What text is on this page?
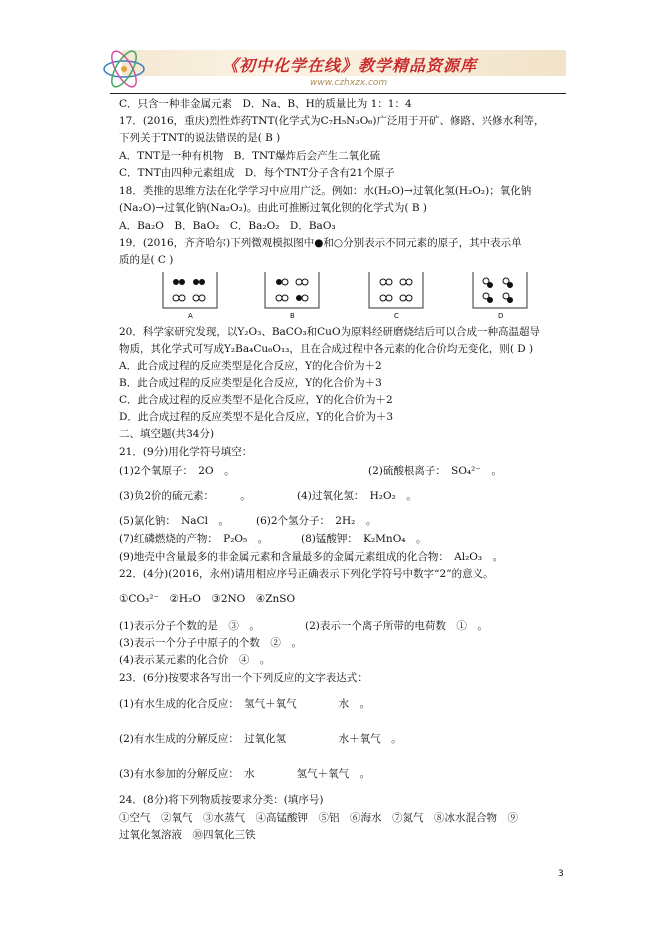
《初中化学在线》教学精品资源库
www.czhxzx.com
C．只含一种非金属元素　D．Na、B、H的质量比为 1：1：4
17．(2016，重庆)烈性炸药TNT(化学式为C₇H₅N₃O₆)广泛用于开矿、修路、兴修水利等，
下列关于TNT的说法错误的是( B )
A．TNT是一种有机物　B．TNT爆炸后会产生二氧化硫
C．TNT由四种元素组成　D．每个TNT分子含有21个原子
18．类推的思维方法在化学学习中应用广泛。例如：水(H₂O)→过氧化氢(H₂O₂)；氧化钠
(Na₂O)→过氧化钠(Na₂O₂)。由此可推断过氧化钡的化学式为( B )
A．Ba₂O　B．BaO₂　C．Ba₂O₂　D．BaO₃
19．(2016，齐齐哈尔)下列微观模拟图中●和○分别表示不同元素的原子，其中表示单
质的是( C )
A	B	C	D
20．科学家研究发现，以Y₂O₃、BaCO₃和CuO为原料经研磨烧结后可以合成一种高温超导
物质，其化学式可写成Y₂Ba₄Cu₆O₁₃，且在合成过程中各元素的化合价均无变化，则( D )
A．此合成过程的反应类型是化合反应，Y的化合价为＋2
B．此合成过程的反应类型是化合反应，Y的化合价为＋3
C．此合成过程的反应类型不是化合反应，Y的化合价为＋2
D．此合成过程的反应类型不是化合反应，Y的化合价为＋3
二、填空题(共34分)
21．(9分)用化学符号填空：
(1)2个氧原子：　2O　。	(2)硫酸根离子：　SO₄²⁻　。
(3)负2价的硫元素：　　　。	(4)过氧化氢：　H₂O₂　。
(5)氯化钠：　NaCl　。	(6)2个氢分子：　2H₂　。
(7)红磷燃烧的产物：　P₂O₅　。	(8)锰酸钾：　K₂MnO₄　。
(9)地壳中含量最多的非金属元素和含量最多的金属元素组成的化合物：　Al₂O₃　。
22．(4分)(2016，永州)请用相应序号正确表示下列化学符号中数字“2”的意义。
①CO₃²⁻　②H₂O　③2NO　④ZnSO
(1)表示分子个数的是　③　。	(2)表示一个离子所带的电荷数　①　。
(3)表示一个分子中原子的个数　②　。
(4)表示某元素的化合价　④　。
23．(6分)按要求各写出一个下列反应的文字表达式：
(1)有水生成的化合反应：　氢气＋氧气　　　　水　。
(2)有水生成的分解反应：　过氧化氢　　　　　水＋氧气　。
(3)有水参加的分解反应：　水　　　　氢气＋氧气　。
24．(8分)将下列物质按要求分类：(填序号)
①空气　②氧气　③水蒸气　④高锰酸钾　⑤铝　⑥海水　⑦氮气　⑧冰水混合物　⑨
过氧化氢溶液　⑩四氧化三铁
3
